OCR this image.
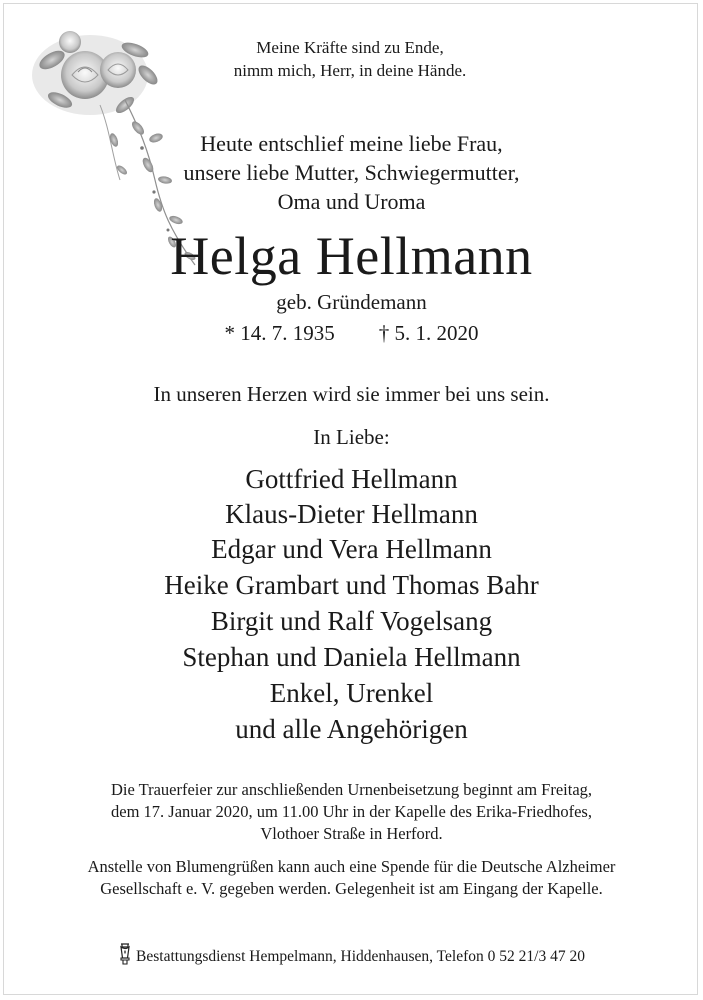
Meine Kräfte sind zu Ende,
nimm mich, Herr, in deine Hände.
Heute entschlief meine liebe Frau,
unsere liebe Mutter, Schwiegermutter,
Oma und Uroma
Helga Hellmann
geb. Gründemann
* 14. 7. 1935 † 5. 1. 2020
In unseren Herzen wird sie immer bei uns sein.
In Liebe:
Gottfried Hellmann
Klaus-Dieter Hellmann
Edgar und Vera Hellmann
Heike Grambart und Thomas Bahr
Birgit und Ralf Vogelsang
Stephan und Daniela Hellmann
Enkel, Urenkel
und alle Angehörigen
Die Trauerfeier zur anschließenden Urnenbeisetzung beginnt am Freitag,
dem 17. Januar 2020, um 11.00 Uhr in der Kapelle des Erika-Friedhofes,
Vlothoer Straße in Herford.
Anstelle von Blumengrüßen kann auch eine Spende für die Deutsche Alzheimer
Gesellschaft e. V. gegeben werden. Gelegenheit ist am Eingang der Kapelle.
Bestattungsdienst Hempelmann, Hiddenhausen, Telefon 0 52 21/3 47 20
